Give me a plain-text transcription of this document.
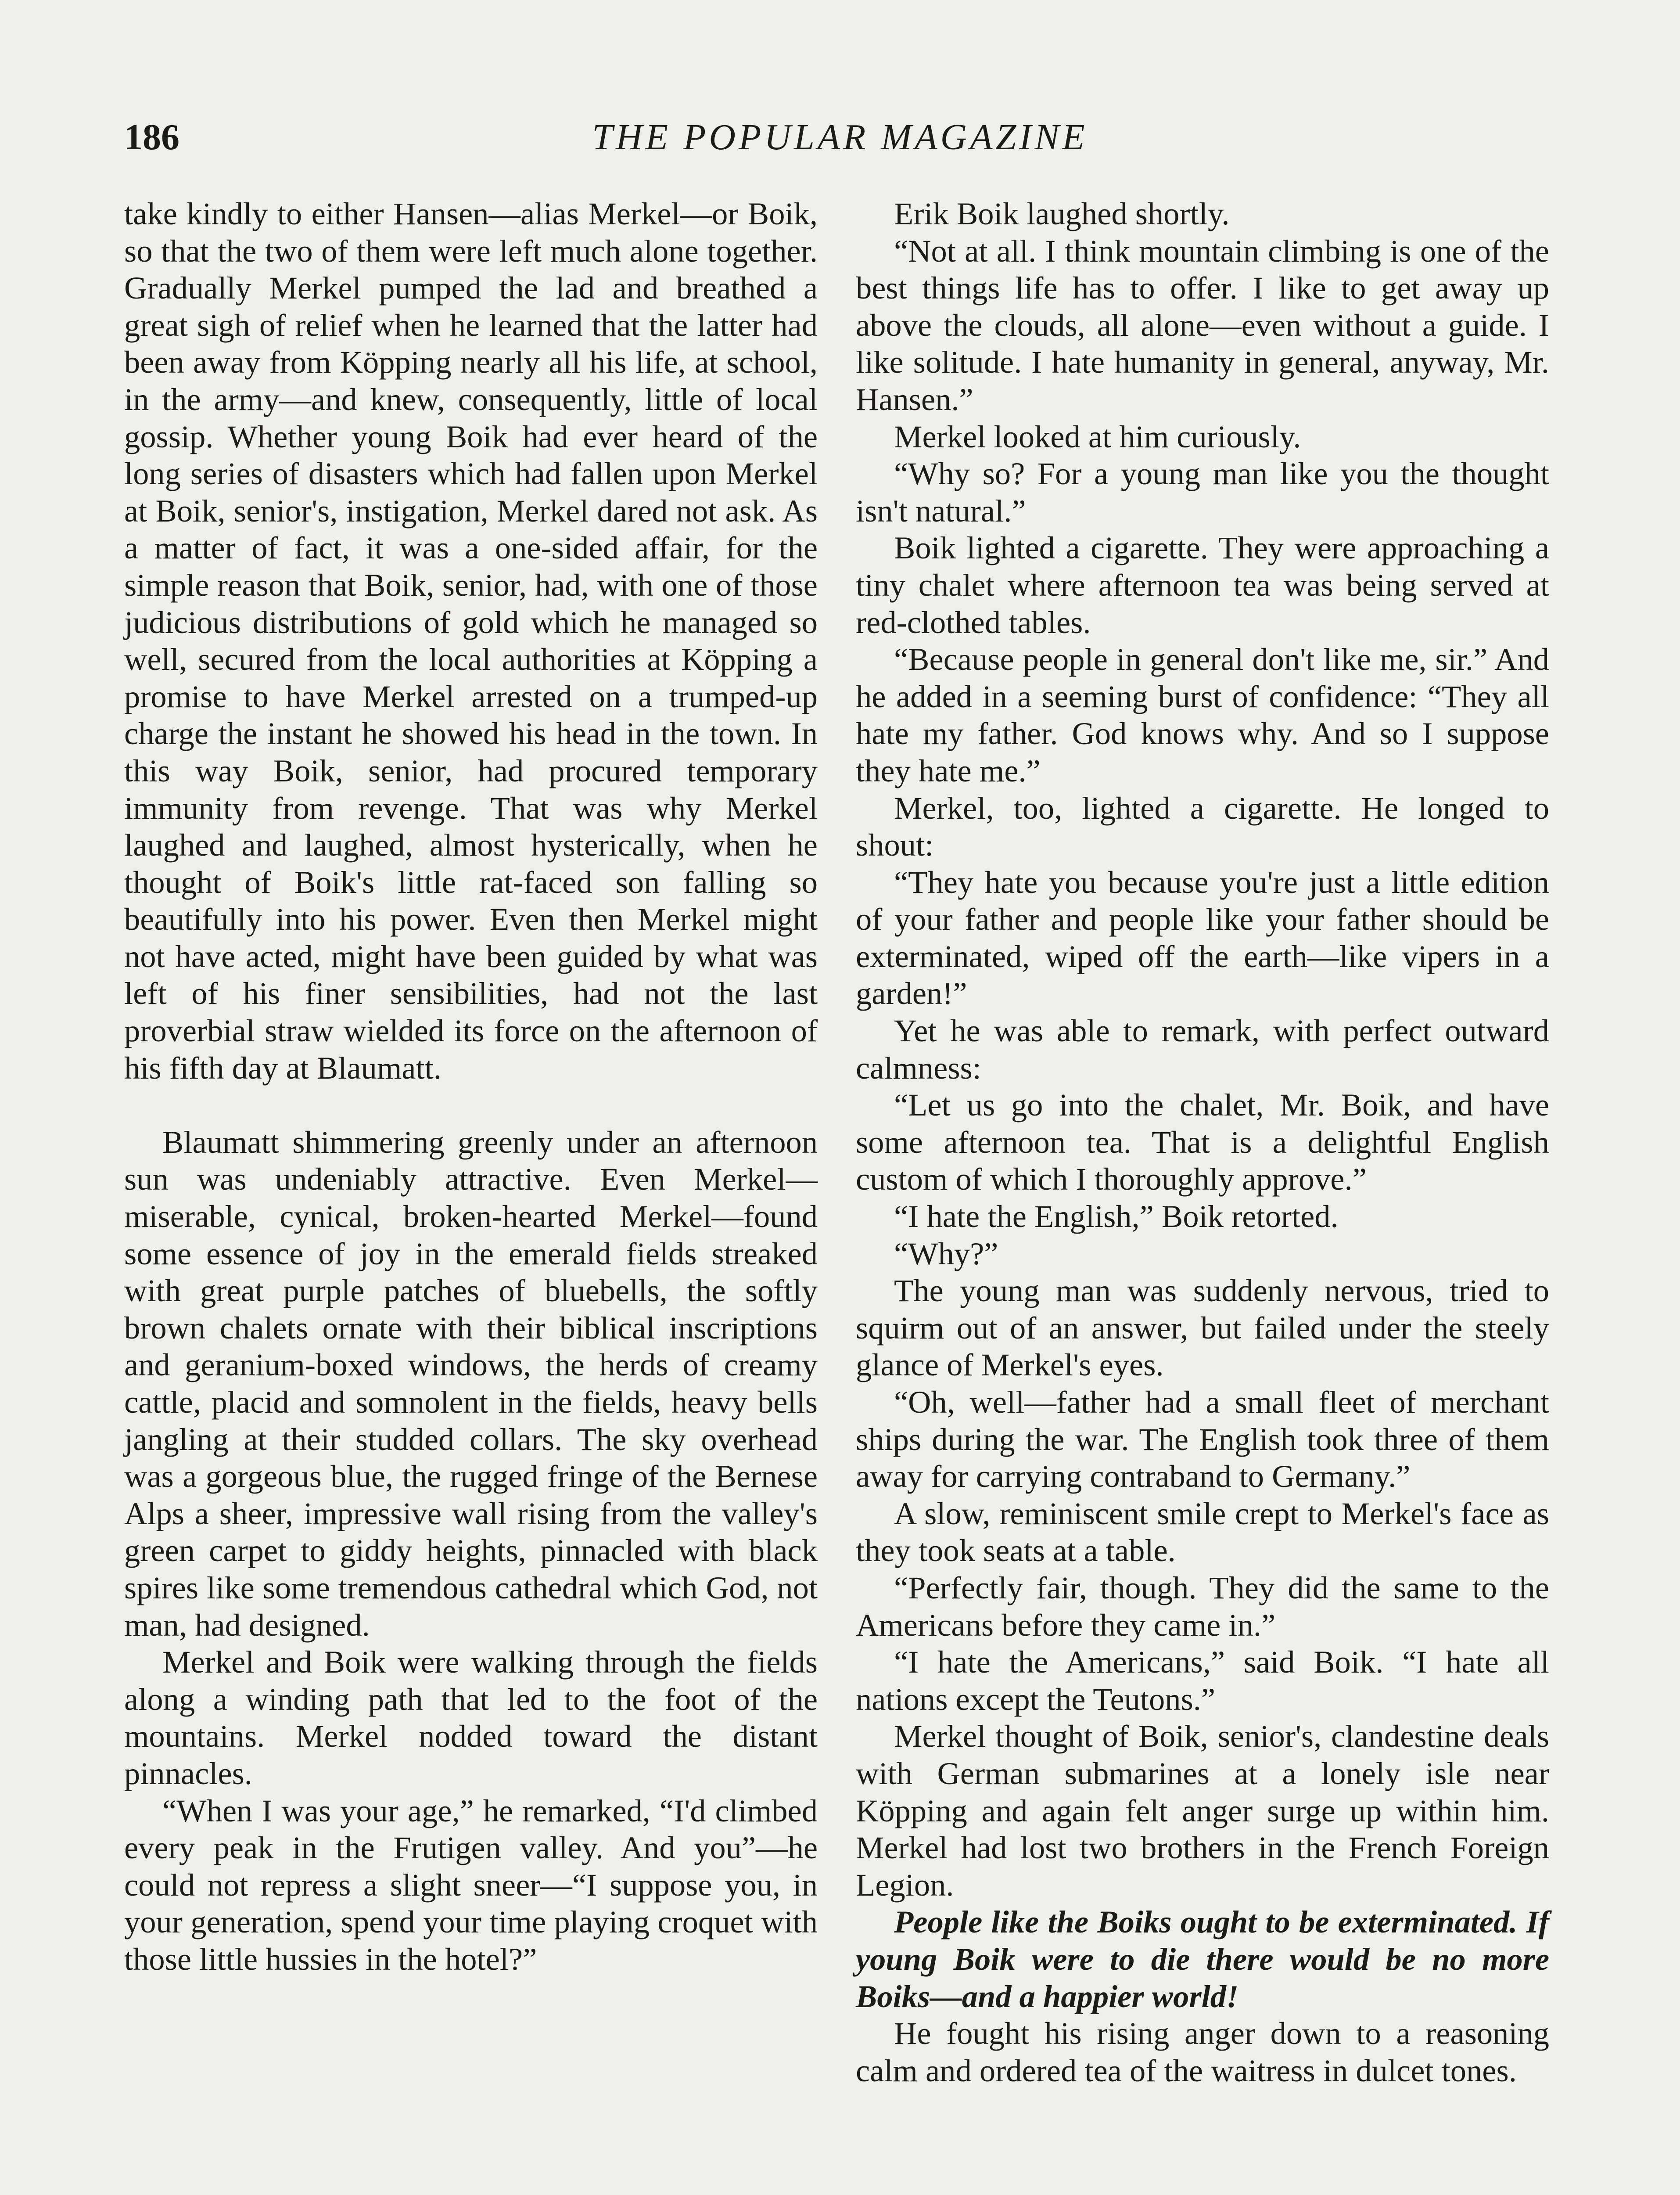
186	THE POPULAR MAGAZINE

take kindly to either Hansen—alias Merkel—or Boik, so that the two of them were left much alone together. Gradually Merkel pumped the lad and breathed a great sigh of relief when he learned that the latter had been away from Köpping nearly all his life, at school, in the army—and knew, consequently, little of local gossip. Whether young Boik had ever heard of the long series of disasters which had fallen upon Merkel at Boik, senior's, instigation, Merkel dared not ask. As a matter of fact, it was a one-sided affair, for the simple reason that Boik, senior, had, with one of those judicious distributions of gold which he managed so well, secured from the local authorities at Köpping a promise to have Merkel arrested on a trumped-up charge the instant he showed his head in the town. In this way Boik, senior, had procured temporary immunity from revenge. That was why Merkel laughed and laughed, almost hysterically, when he thought of Boik's little rat-faced son falling so beautifully into his power. Even then Merkel might not have acted, might have been guided by what was left of his finer sensibilities, had not the last proverbial straw wielded its force on the afternoon of his fifth day at Blaumatt.

Blaumatt shimmering greenly under an afternoon sun was undeniably attractive. Even Merkel—miserable, cynical, broken-hearted Merkel—found some essence of joy in the emerald fields streaked with great purple patches of bluebells, the softly brown chalets ornate with their biblical inscriptions and geranium-boxed windows, the herds of creamy cattle, placid and somnolent in the fields, heavy bells jangling at their studded collars. The sky overhead was a gorgeous blue, the rugged fringe of the Bernese Alps a sheer, impressive wall rising from the valley's green carpet to giddy heights, pinnacled with black spires like some tremendous cathedral which God, not man, had designed.

Merkel and Boik were walking through the fields along a winding path that led to the foot of the mountains. Merkel nodded toward the distant pinnacles.

“When I was your age,” he remarked, “I'd climbed every peak in the Frutigen valley. And you”—he could not repress a slight sneer—“I suppose you, in your generation, spend your time playing croquet with those little hussies in the hotel?”

Erik Boik laughed shortly.

“Not at all. I think mountain climbing is one of the best things life has to offer. I like to get away up above the clouds, all alone—even without a guide. I like solitude. I hate humanity in general, anyway, Mr. Hansen.”

Merkel looked at him curiously.

“Why so? For a young man like you the thought isn't natural.”

Boik lighted a cigarette. They were approaching a tiny chalet where afternoon tea was being served at red-clothed tables.

“Because people in general don't like me, sir.” And he added in a seeming burst of confidence: “They all hate my father. God knows why. And so I suppose they hate me.”

Merkel, too, lighted a cigarette. He longed to shout:

“They hate you because you're just a little edition of your father and people like your father should be exterminated, wiped off the earth—like vipers in a garden!”

Yet he was able to remark, with perfect outward calmness:

“Let us go into the chalet, Mr. Boik, and have some afternoon tea. That is a delightful English custom of which I thoroughly approve.”

“I hate the English,” Boik retorted.

“Why?”

The young man was suddenly nervous, tried to squirm out of an answer, but failed under the steely glance of Merkel's eyes.

“Oh, well—father had a small fleet of merchant ships during the war. The English took three of them away for carrying contraband to Germany.”

A slow, reminiscent smile crept to Merkel's face as they took seats at a table.

“Perfectly fair, though. They did the same to the Americans before they came in.”

“I hate the Americans,” said Boik. “I hate all nations except the Teutons.”

Merkel thought of Boik, senior's, clandestine deals with German submarines at a lonely isle near Köpping and again felt anger surge up within him. Merkel had lost two brothers in the French Foreign Legion.

People like the Boiks ought to be exterminated. If young Boik were to die there would be no more Boiks—and a happier world!

He fought his rising anger down to a reasoning calm and ordered tea of the waitress in dulcet tones.
